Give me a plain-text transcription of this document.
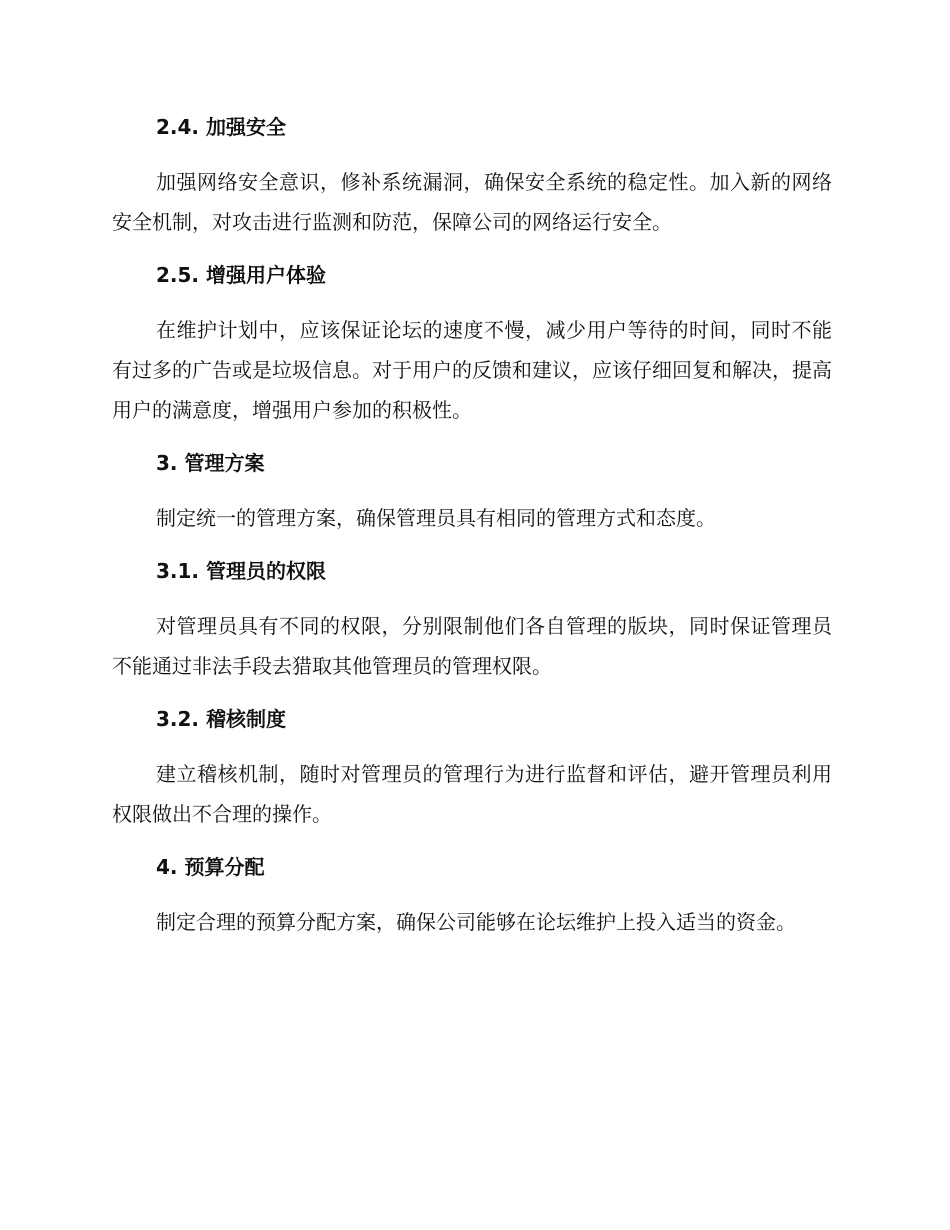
2.4. 加强安全

加强网络安全意识，修补系统漏洞，确保安全系统的稳定性。加入新的网络安全机制，对攻击进行监测和防范，保障公司的网络运行安全。

2.5. 增强用户体验

在维护计划中，应该保证论坛的速度不慢，减少用户等待的时间，同时不能有过多的广告或是垃圾信息。对于用户的反馈和建议，应该仔细回复和解决，提高用户的满意度，增强用户参加的积极性。

3. 管理方案

制定统一的管理方案，确保管理员具有相同的管理方式和态度。

3.1. 管理员的权限

对管理员具有不同的权限，分别限制他们各自管理的版块，同时保证管理员不能通过非法手段去猎取其他管理员的管理权限。

3.2. 稽核制度

建立稽核机制，随时对管理员的管理行为进行监督和评估，避开管理员利用权限做出不合理的操作。

4. 预算分配

制定合理的预算分配方案，确保公司能够在论坛维护上投入适当的资金。
